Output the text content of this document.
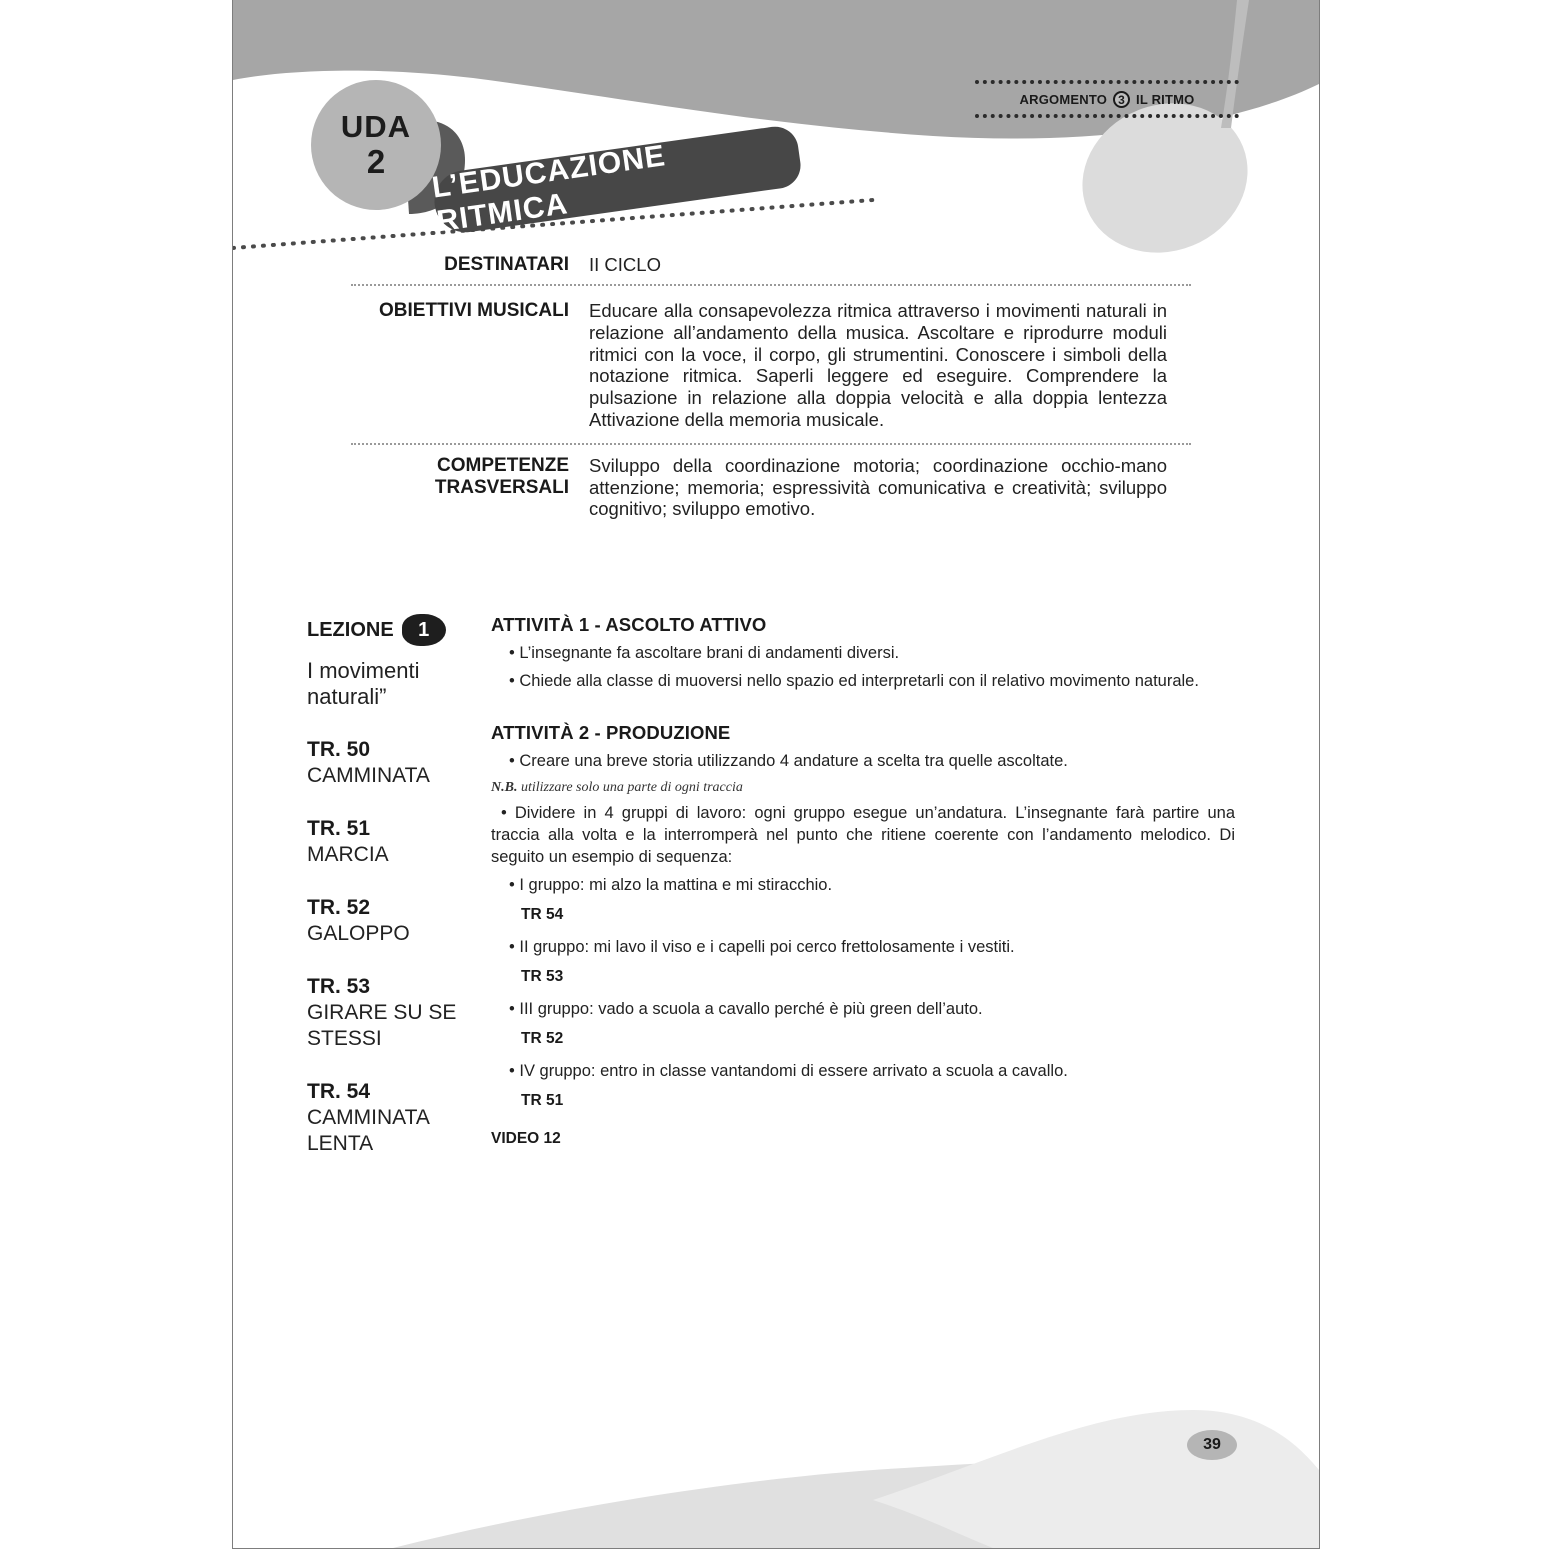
ARGOMENTO 3 IL RITMO
UDA
2	L’EDUCAZIONE RITMICA
DESTINATARI II CICLO
OBIETTIVI MUSICALI Educare alla consapevolezza ritmica attraverso i movimenti naturali in relazione all’andamento della musica. Ascoltare e riprodurre moduli ritmici con la voce, il corpo, gli strumentini. Conoscere i simboli della notazione ritmica. Saperli leggere ed eseguire. Comprendere la pulsazione in relazione alla doppia velocità e alla doppia lentezza Attivazione della memoria musicale.
COMPETENZE
TRASVERSALI
Sviluppo della coordinazione motoria; coordinazione occhio-mano attenzione; memoria; espressività comunicativa e creatività; sviluppo cognitivo; sviluppo emotivo.
LEZIONE	1
I movimenti naturali”
TR. 50
CAMMINATA
TR. 51
MARCIA
TR. 52
GALOPPO
TR. 53
GIRARE SU SE STESSI
TR. 54
CAMMINATA LENTA
ATTIVITÀ 1 - ASCOLTO ATTIVO
• L’insegnante fa ascoltare brani di andamenti diversi.
• Chiede alla classe di muoversi nello spazio ed interpretarli con il relativo movimento naturale.
ATTIVITÀ 2 - PRODUZIONE
• Creare una breve storia utilizzando 4 andature a scelta tra quelle ascoltate.
N.B. utilizzare solo una parte di ogni traccia
• Dividere in 4 gruppi di lavoro: ogni gruppo esegue un’andatura. L’insegnante farà partire una traccia alla volta e la interromperà nel punto che ritiene coerente con l’andamento melodico. Di seguito un esempio di sequenza:
• I gruppo: mi alzo la mattina e mi stiracchio.
TR 54
• II gruppo: mi lavo il viso e i capelli poi cerco frettolosamente i vestiti.
TR 53
• III gruppo: vado a scuola a cavallo perché è più green dell’auto.
TR 52
• IV gruppo: entro in classe vantandomi di essere arrivato a scuola a cavallo.
TR 51
VIDEO 12
39
